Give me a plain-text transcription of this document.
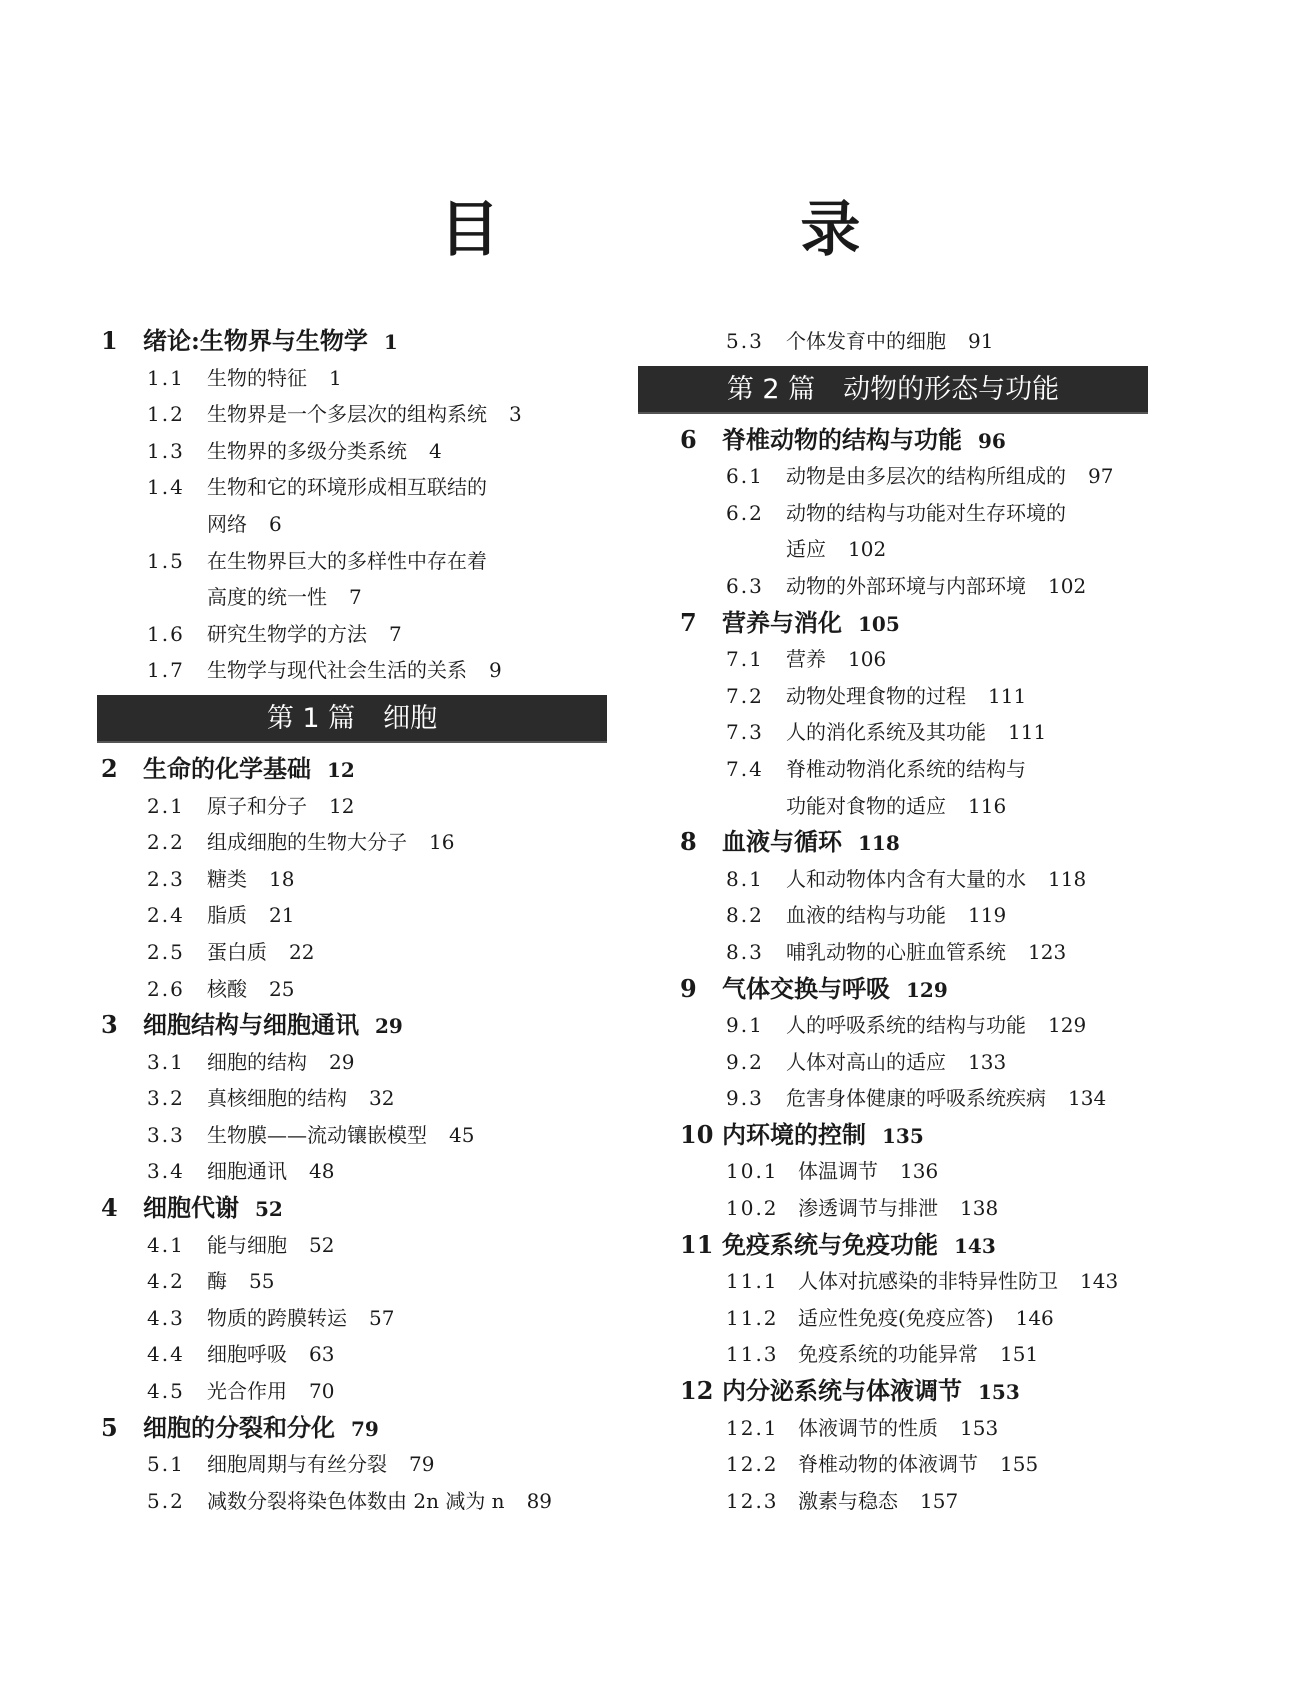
目 录
1 绪论:生物界与生物学 1
1.1 生物的特征 1
1.2 生物界是一个多层次的组构系统 3
1.3 生物界的多级分类系统 4
1.4 生物和它的环境形成相互联结的
网络 6
1.5 在生物界巨大的多样性中存在着
高度的统一性 7
1.6 研究生物学的方法 7
1.7 生物学与现代社会生活的关系 9
第 1 篇 细胞
2 生命的化学基础 12
2.1 原子和分子 12
2.2 组成细胞的生物大分子 16
2.3 糖类 18
2.4 脂质 21
2.5 蛋白质 22
2.6 核酸 25
3 细胞结构与细胞通讯 29
3.1 细胞的结构 29
3.2 真核细胞的结构 32
3.3 生物膜——流动镶嵌模型 45
3.4 细胞通讯 48
4 细胞代谢 52
4.1 能与细胞 52
4.2 酶 55
4.3 物质的跨膜转运 57
4.4 细胞呼吸 63
4.5 光合作用 70
5 细胞的分裂和分化 79
5.1 细胞周期与有丝分裂 79
5.2 减数分裂将染色体数由 2n 减为 n 89
5.3 个体发育中的细胞 91
第 2 篇 动物的形态与功能
6 脊椎动物的结构与功能 96
6.1 动物是由多层次的结构所组成的 97
6.2 动物的结构与功能对生存环境的
适应 102
6.3 动物的外部环境与内部环境 102
7 营养与消化 105
7.1 营养 106
7.2 动物处理食物的过程 111
7.3 人的消化系统及其功能 111
7.4 脊椎动物消化系统的结构与
功能对食物的适应 116
8 血液与循环 118
8.1 人和动物体内含有大量的水 118
8.2 血液的结构与功能 119
8.3 哺乳动物的心脏血管系统 123
9 气体交换与呼吸 129
9.1 人的呼吸系统的结构与功能 129
9.2 人体对高山的适应 133
9.3 危害身体健康的呼吸系统疾病 134
10 内环境的控制 135
10.1 体温调节 136
10.2 渗透调节与排泄 138
11 免疫系统与免疫功能 143
11.1 人体对抗感染的非特异性防卫 143
11.2 适应性免疫(免疫应答) 146
11.3 免疫系统的功能异常 151
12 内分泌系统与体液调节 153
12.1 体液调节的性质 153
12.2 脊椎动物的体液调节 155
12.3 激素与稳态 157
